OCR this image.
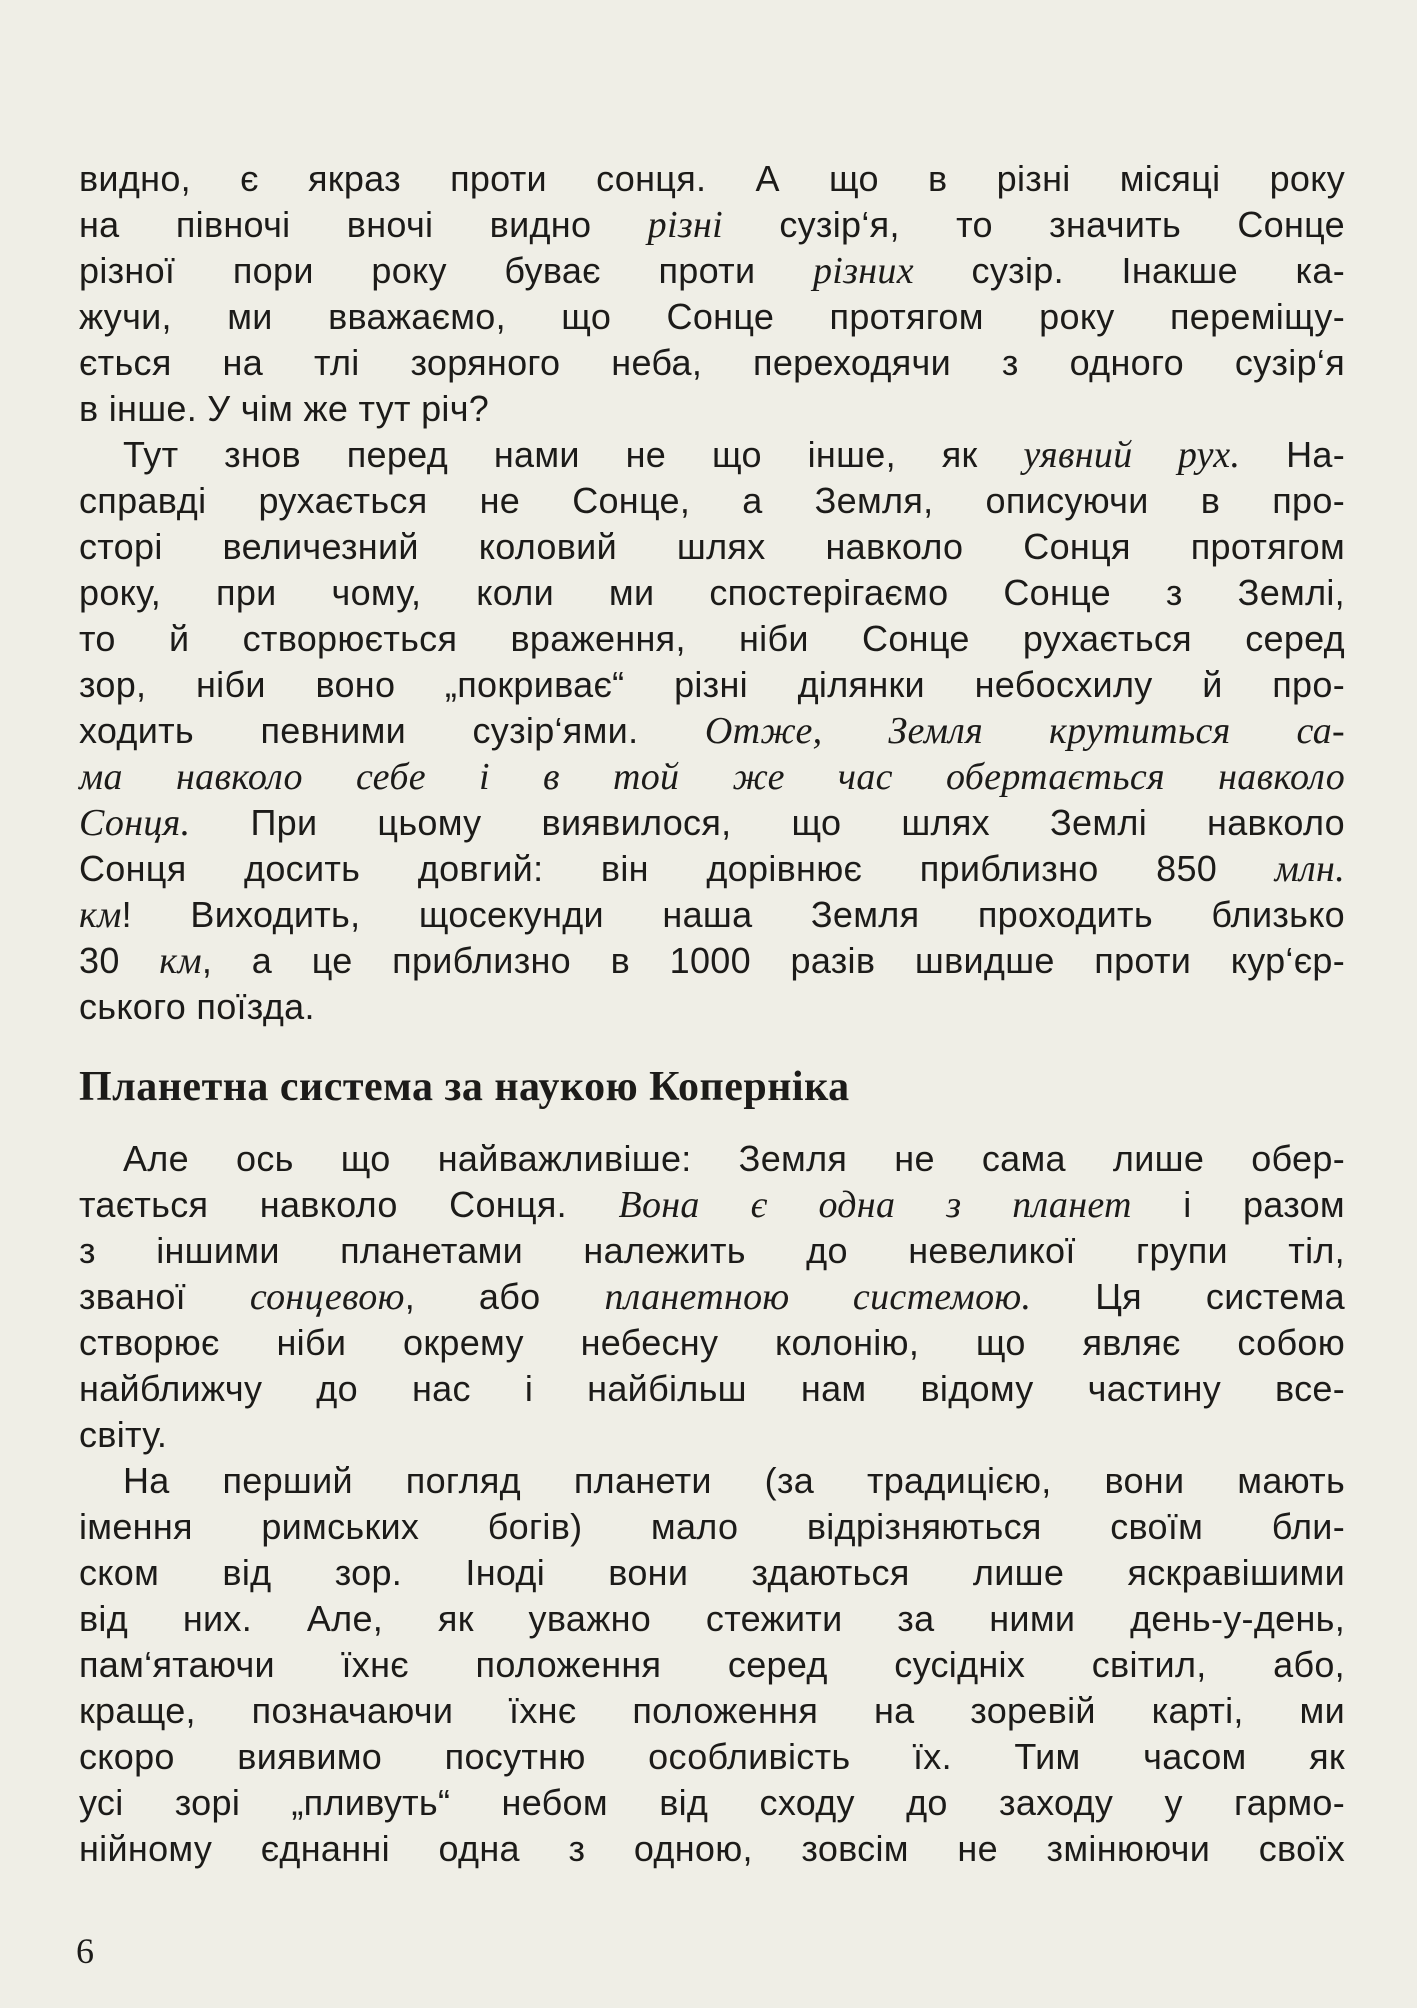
видно, є якраз проти сонця. А що в різні місяці року
на півночі вночі видно різні сузір‘я, то значить Сонце
різної пори року буває проти різних сузір. Інакше ка-
жучи, ми вважаємо, що Сонце протягом року переміщу-
ється на тлі зоряного неба, переходячи з одного сузір‘я
в інше. У чім же тут річ?
Тут знов перед нами не що інше, як уявний рух. На-
справді рухається не Сонце, а Земля, описуючи в про-
сторі величезний коловий шлях навколо Сонця протягом
року, при чому, коли ми спостерігаємо Сонце з Землі,
то й створюється враження, ніби Сонце рухається серед
зор, ніби воно „покриває“ різні ділянки небосхилу й про-
ходить певними сузір‘ями. Отже, Земля крутиться са-
ма навколо себе і в той же час обертається навколо
Сонця. При цьому виявилося, що шлях Землі навколо
Сонця досить довгий: він дорівнює приблизно 850 млн.
км! Виходить, щосекунди наша Земля проходить близько
30 км, а це приблизно в 1000 разів швидше проти кур‘єр-
ського поїзда.
Планетна система за наукою Коперніка
Але ось що найважливіше: Земля не сама лише обер-
тається навколо Сонця. Вона є одна з планет і разом
з іншими планетами належить до невеликої групи тіл,
званої сонцевою, або планетною системою. Ця система
створює ніби окрему небесну колонію, що являє собою
найближчу до нас і найбільш нам відому частину все-
світу.
На перший погляд планети (за традицією, вони мають
імення римських богів) мало відрізняються своїм бли-
ском від зор. Іноді вони здаються лише яскравішими
від них. Але, як уважно стежити за ними день-у-день,
пам‘ятаючи їхнє положення серед сусідніх світил, або,
краще, позначаючи їхнє положення на зоревій карті, ми
скоро виявимо посутню особливість їх. Тим часом як
усі зорі „пливуть“ небом від сходу до заходу у гармо-
нійному єднанні одна з одною, зовсім не змінюючи своїх
6
